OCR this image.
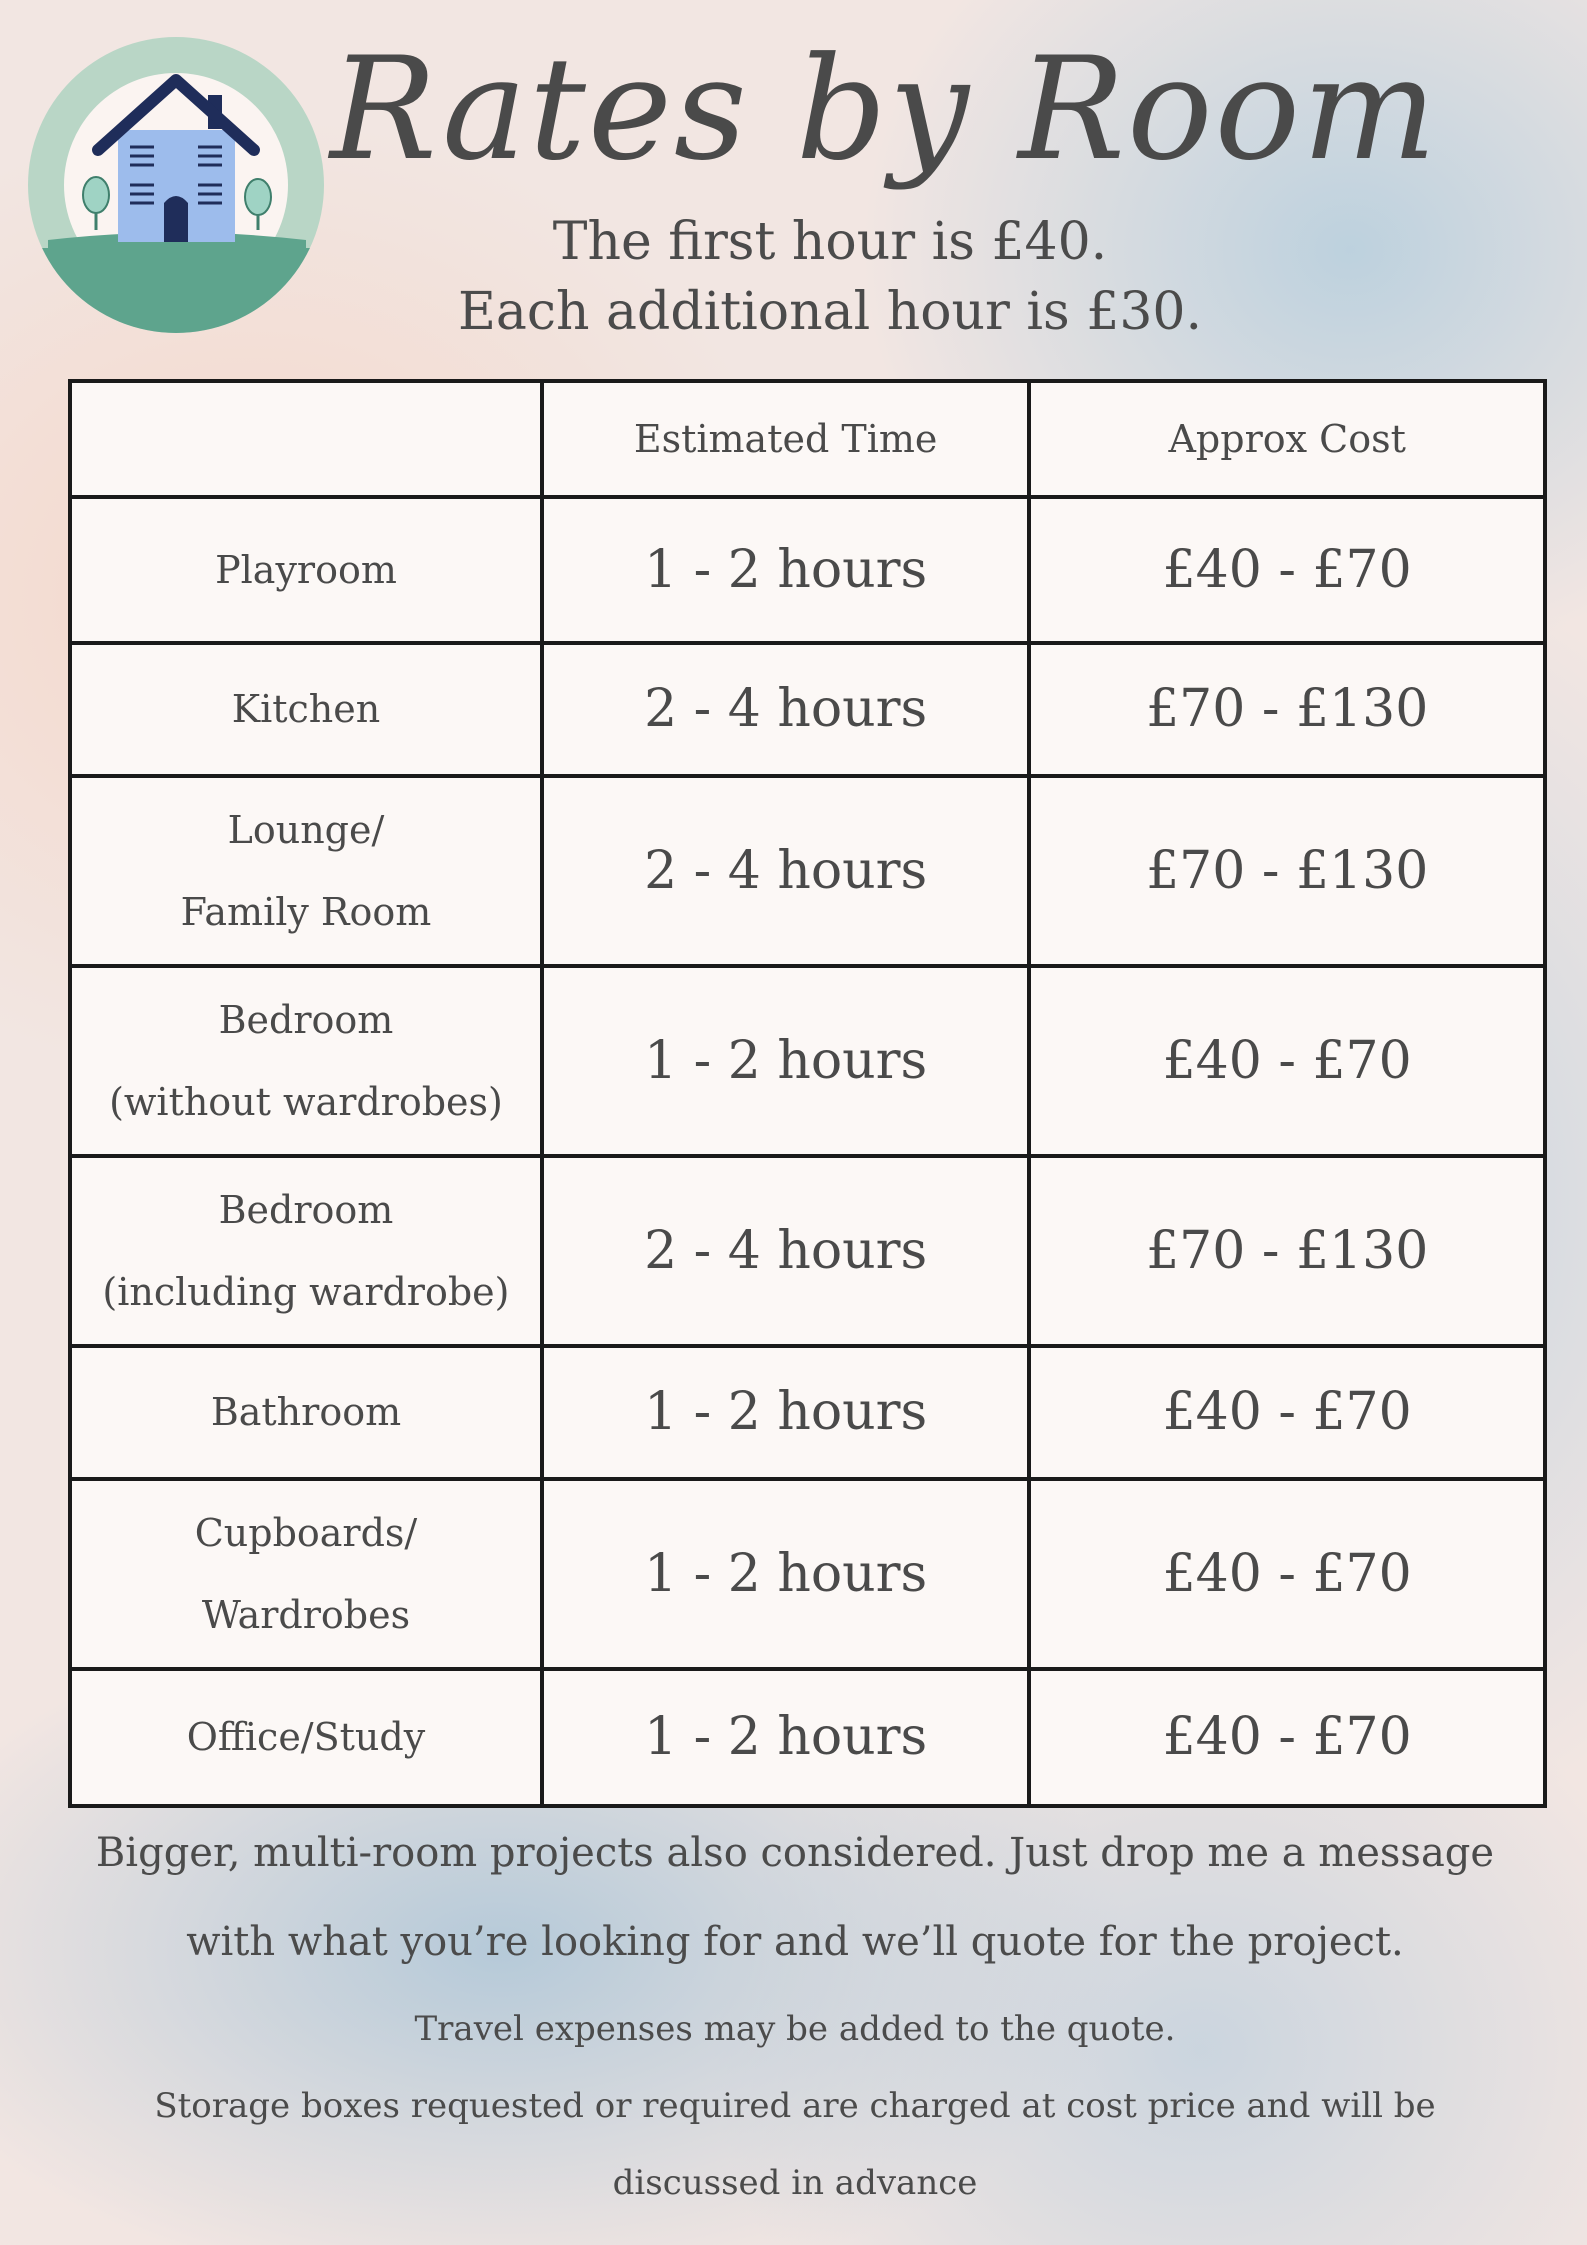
Rates by Room
The first hour is £40.
Each additional hour is £30.
	Estimated Time	Approx Cost

Playroom	1 - 2 hours	£40 - £70

Kitchen	2 - 4 hours	£70 - £130

Lounge/
Family Room	2 - 4 hours	£70 - £130

Bedroom
(without wardrobes)	1 - 2 hours	£40 - £70

Bedroom
(including wardrobe)	2 - 4 hours	£70 - £130

Bathroom	1 - 2 hours	£40 - £70

Cupboards/
Wardrobes	1 - 2 hours	£40 - £70

Office/Study	1 - 2 hours	£40 - £70
Bigger, multi-room projects also considered. Just drop me a message
with what you’re looking for and we’ll quote for the project.
Travel expenses may be added to the quote.
Storage boxes requested or required are charged at cost price and will be
discussed in advance
